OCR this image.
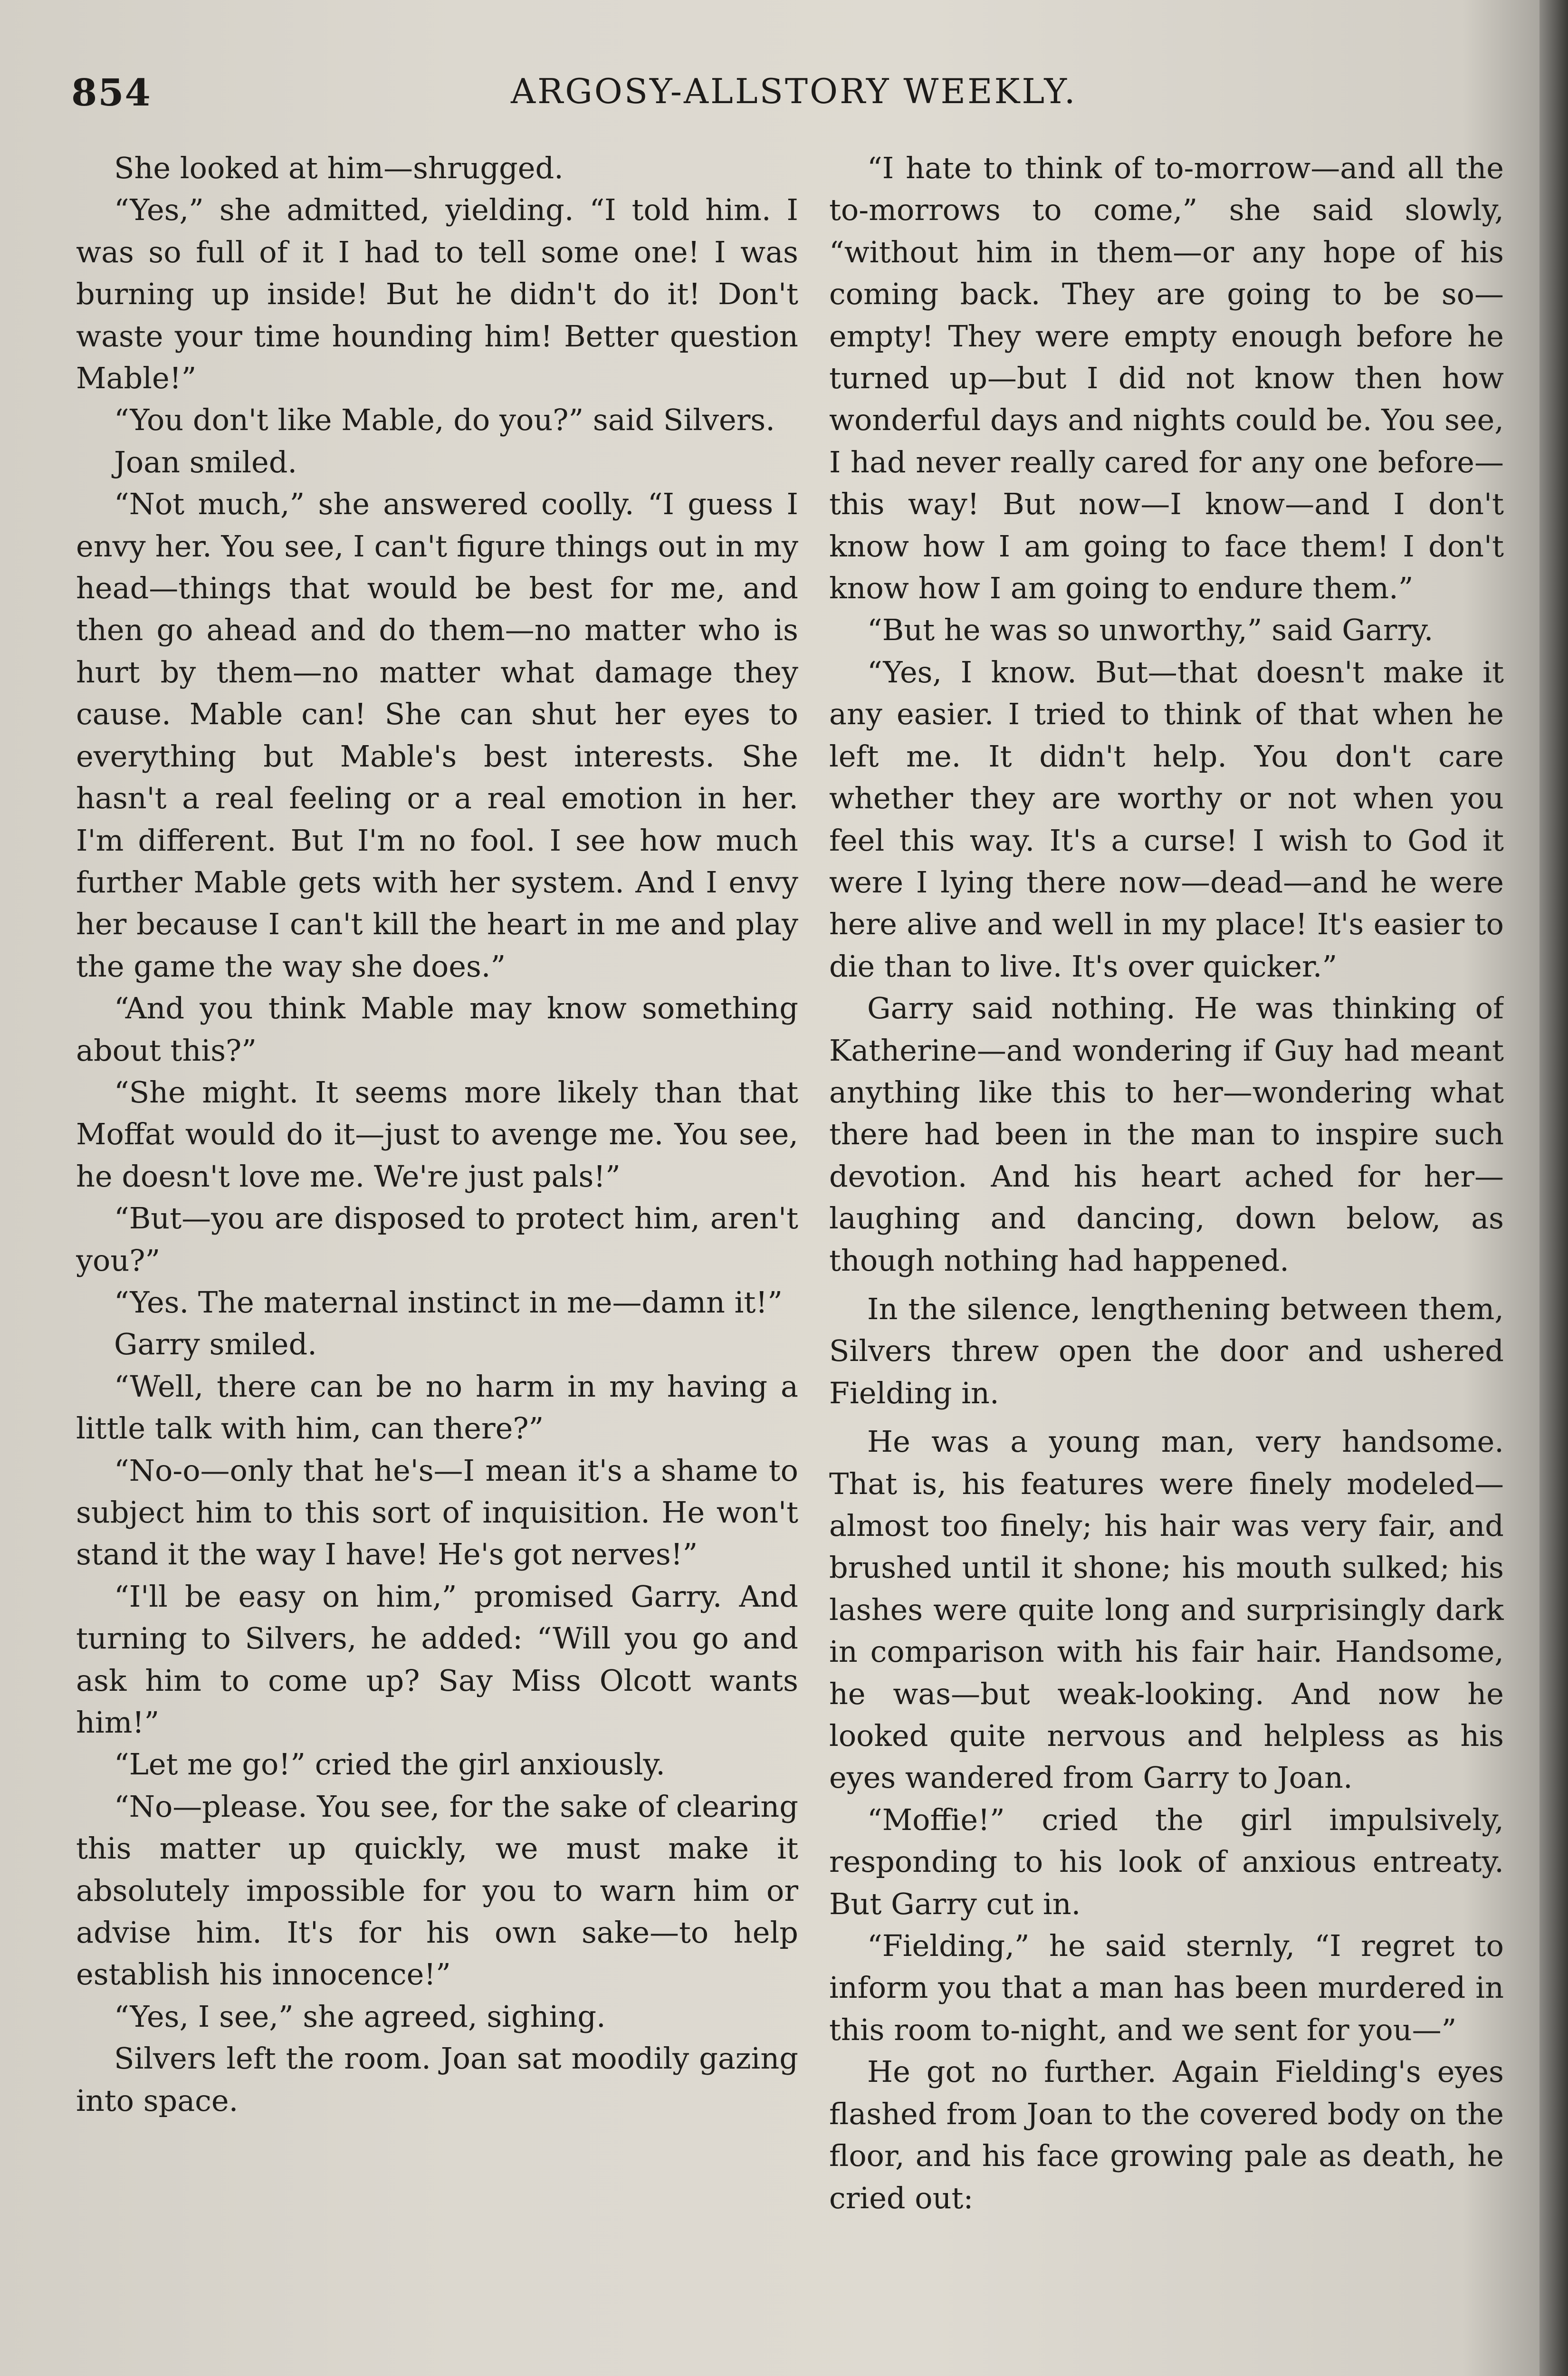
854	ARGOSY-ALLSTORY WEEKLY.

She looked at him—shrugged.

“Yes,” she admitted, yielding. “I told him. I was so full of it I had to tell some one! I was burning up inside! But he didn't do it! Don't waste your time hounding him! Better question Mable!”

“You don't like Mable, do you?” said Silvers.

Joan smiled.

“Not much,” she answered coolly. “I guess I envy her. You see, I can't figure things out in my head—things that would be best for me, and then go ahead and do them—no matter who is hurt by them—no matter what damage they cause. Mable can! She can shut her eyes to everything but Mable's best interests. She hasn't a real feeling or a real emotion in her. I'm different. But I'm no fool. I see how much further Mable gets with her system. And I envy her because I can't kill the heart in me and play the game the way she does.”

“And you think Mable may know something about this?”

“She might. It seems more likely than that Moffat would do it—just to avenge me. You see, he doesn't love me. We're just pals!”

“But—you are disposed to protect him, aren't you?”

“Yes. The maternal instinct in me—damn it!”

Garry smiled.

“Well, there can be no harm in my having a little talk with him, can there?”

“No-o—only that he's—I mean it's a shame to subject him to this sort of inquisition. He won't stand it the way I have! He's got nerves!”

“I'll be easy on him,” promised Garry. And turning to Silvers, he added: “Will you go and ask him to come up? Say Miss Olcott wants him!”

“Let me go!” cried the girl anxiously.

“No—please. You see, for the sake of clearing this matter up quickly, we must make it absolutely impossible for you to warn him or advise him. It's for his own sake—to help establish his innocence!”

“Yes, I see,” she agreed, sighing.

Silvers left the room. Joan sat moodily gazing into space.

“I hate to think of to-morrow—and all the to-morrows to come,” she said slowly, “without him in them—or any hope of his coming back. They are going to be so—empty! They were empty enough before he turned up—but I did not know then how wonderful days and nights could be. You see, I had never really cared for any one before—this way! But now—I know—and I don't know how I am going to face them! I don't know how I am going to endure them.”

“But he was so unworthy,” said Garry.

“Yes, I know. But—that doesn't make it any easier. I tried to think of that when he left me. It didn't help. You don't care whether they are worthy or not when you feel this way. It's a curse! I wish to God it were I lying there now—dead—and he were here alive and well in my place! It's easier to die than to live. It's over quicker.”

Garry said nothing. He was thinking of Katherine—and wondering if Guy had meant anything like this to her—wondering what there had been in the man to inspire such devotion. And his heart ached for her—laughing and dancing, down below, as though nothing had happened.

In the silence, lengthening between them, Silvers threw open the door and ushered Fielding in.

He was a young man, very handsome. That is, his features were finely modeled—almost too finely; his hair was very fair, and brushed until it shone; his mouth sulked; his lashes were quite long and surprisingly dark in comparison with his fair hair. Handsome, he was—but weak-looking. And now he looked quite nervous and helpless as his eyes wandered from Garry to Joan.

“Moffie!” cried the girl impulsively, responding to his look of anxious entreaty. But Garry cut in.

“Fielding,” he said sternly, “I regret to inform you that a man has been murdered in this room to-night, and we sent for you—”

He got no further. Again Fielding's eyes flashed from Joan to the covered body on the floor, and his face growing pale as death, he cried out:
